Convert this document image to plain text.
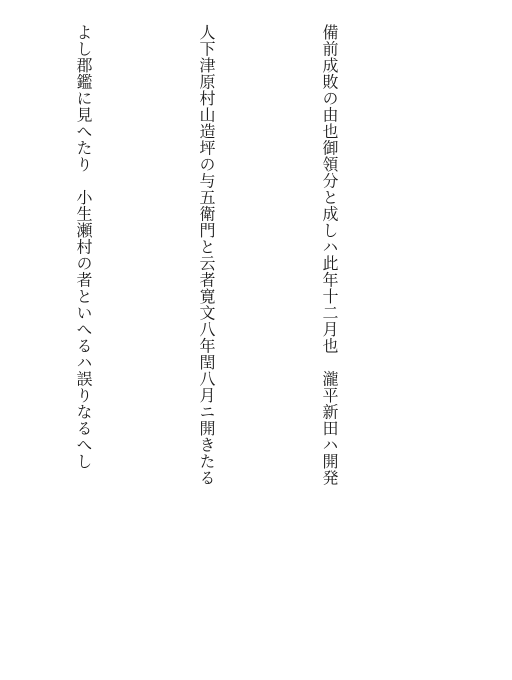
備前成敗の由也御領分と成しハ此年十二月也　瀧平新田ハ開発

人下津原村山造坪の与五衛門と云者寛文八年閏八月ニ開きたる

よし郡鑑に見へたり　小生瀬村の者といへるハ誤りなるへし
